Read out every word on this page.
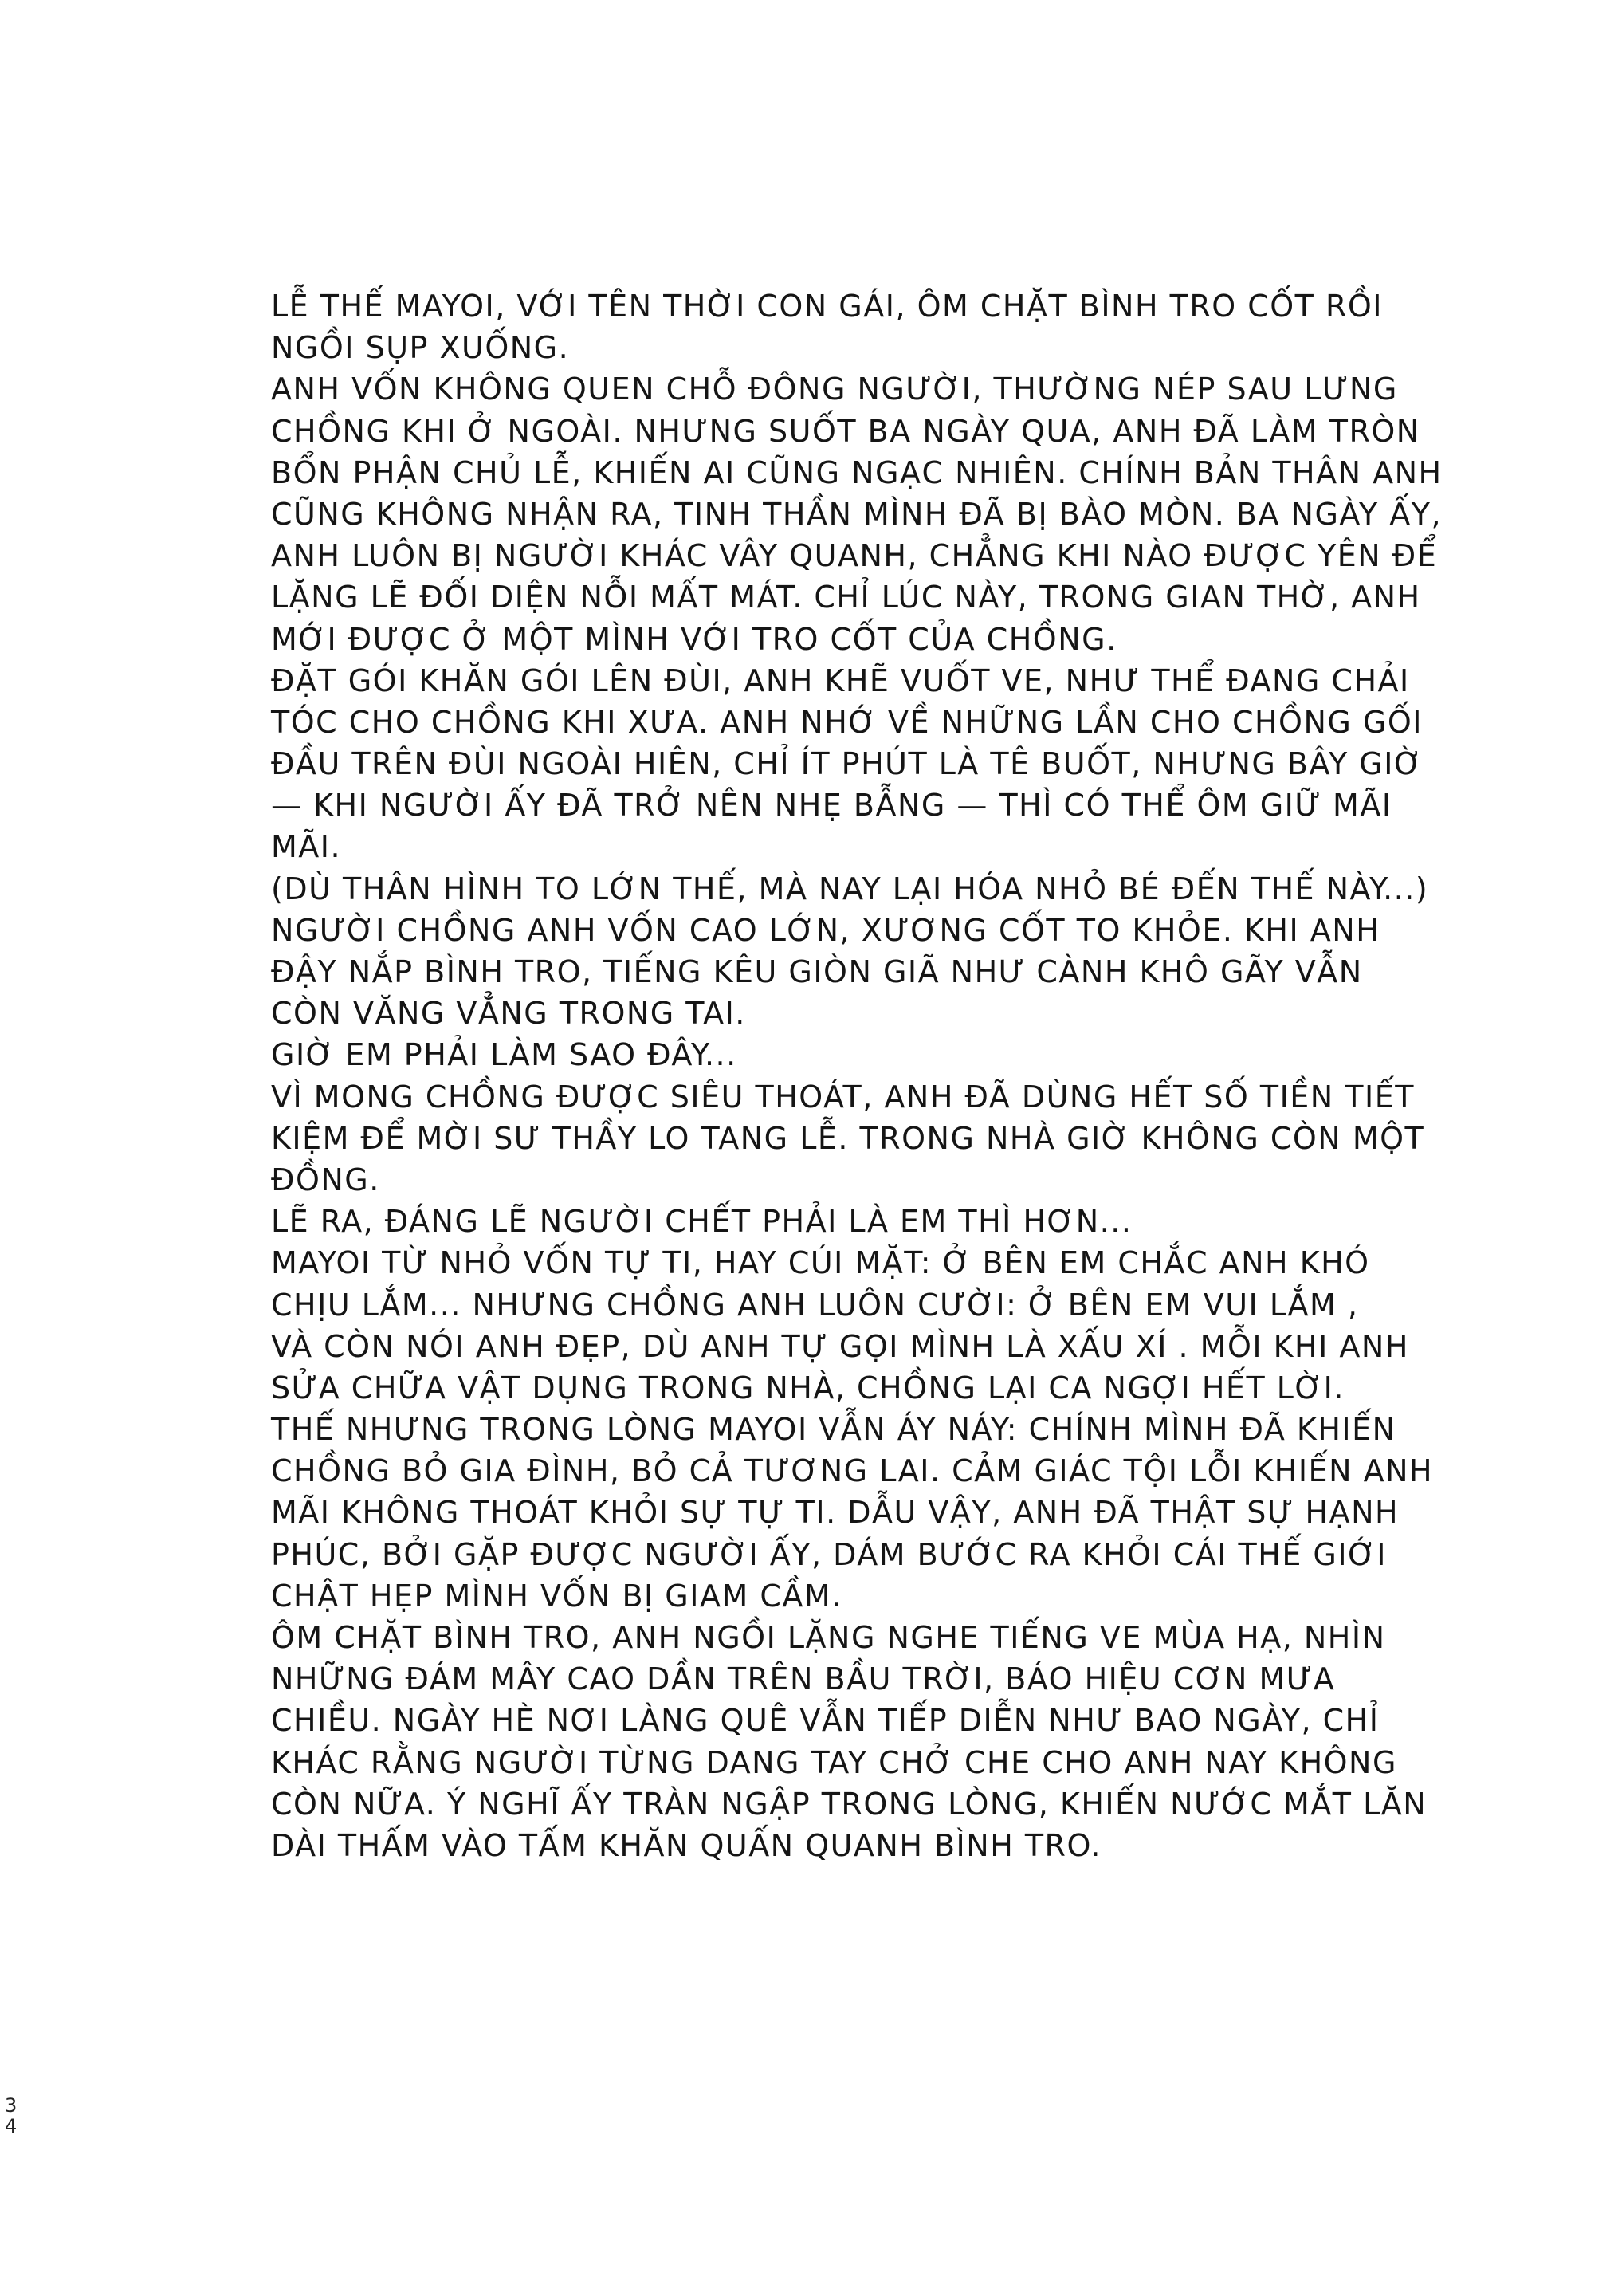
LỄ THẾ MAYOI, VỚI TÊN THỜI CON GÁI, ÔM CHẶT BÌNH TRO CỐT RỒI
NGỒI SỤP XUỐNG.
ANH VỐN KHÔNG QUEN CHỖ ĐÔNG NGƯỜI, THƯỜNG NÉP SAU LƯNG
CHỒNG KHI Ở NGOÀI. NHƯNG SUỐT BA NGÀY QUA, ANH ĐÃ LÀM TRÒN
BỔN PHẬN CHỦ LỄ, KHIẾN AI CŨNG NGẠC NHIÊN. CHÍNH BẢN THÂN ANH
CŨNG KHÔNG NHẬN RA, TINH THẦN MÌNH ĐÃ BỊ BÀO MÒN. BA NGÀY ẤY,
ANH LUÔN BỊ NGƯỜI KHÁC VÂY QUANH, CHẲNG KHI NÀO ĐƯỢC YÊN ĐỂ
LẶNG LẼ ĐỐI DIỆN NỖI MẤT MÁT. CHỈ LÚC NÀY, TRONG GIAN THỜ, ANH
MỚI ĐƯỢC Ở MỘT MÌNH VỚI TRO CỐT CỦA CHỒNG.
ĐẶT GÓI KHĂN GÓI LÊN ĐÙI, ANH KHẼ VUỐT VE, NHƯ THỂ ĐANG CHẢI
TÓC CHO CHỒNG KHI XƯA. ANH NHỚ VỀ NHỮNG LẦN CHO CHỒNG GỐI
ĐẦU TRÊN ĐÙI NGOÀI HIÊN, CHỈ ÍT PHÚT LÀ TÊ BUỐT, NHƯNG BÂY GIỜ
— KHI NGƯỜI ẤY ĐÃ TRỞ NÊN NHẸ BẪNG — THÌ CÓ THỂ ÔM GIỮ MÃI
MÃI.
(DÙ THÂN HÌNH TO LỚN THẾ, MÀ NAY LẠI HÓA NHỎ BÉ ĐẾN THẾ NÀY...)
NGƯỜI CHỒNG ANH VỐN CAO LỚN, XƯƠNG CỐT TO KHỎE. KHI ANH
ĐẬY NẮP BÌNH TRO, TIẾNG KÊU GIÒN GIÃ NHƯ CÀNH KHÔ GÃY VẪN
CÒN VĂNG VẲNG TRONG TAI.
GIỜ EM PHẢI LÀM SAO ĐÂY...
VÌ MONG CHỒNG ĐƯỢC SIÊU THOÁT, ANH ĐÃ DÙNG HẾT SỐ TIỀN TIẾT
KIỆM ĐỂ MỜI SƯ THẦY LO TANG LỄ. TRONG NHÀ GIỜ KHÔNG CÒN MỘT
ĐỒNG.
LẼ RA, ĐÁNG LẼ NGƯỜI CHẾT PHẢI LÀ EM THÌ HƠN...
MAYOI TỪ NHỎ VỐN TỰ TI, HAY CÚI MẶT: Ở BÊN EM CHẮC ANH KHÓ
CHỊU LẮM... NHƯNG CHỒNG ANH LUÔN CƯỜI: Ở BÊN EM VUI LẮM ,
VÀ CÒN NÓI ANH ĐẸP, DÙ ANH TỰ GỌI MÌNH LÀ XẤU XÍ . MỖI KHI ANH
SỬA CHỮA VẬT DỤNG TRONG NHÀ, CHỒNG LẠI CA NGỢI HẾT LỜI.
THẾ NHƯNG TRONG LÒNG MAYOI VẪN ÁY NÁY: CHÍNH MÌNH ĐÃ KHIẾN
CHỒNG BỎ GIA ĐÌNH, BỎ CẢ TƯƠNG LAI. CẢM GIÁC TỘI LỖI KHIẾN ANH
MÃI KHÔNG THOÁT KHỎI SỰ TỰ TI. DẪU VẬY, ANH ĐÃ THẬT SỰ HẠNH
PHÚC, BỞI GẶP ĐƯỢC NGƯỜI ẤY, DÁM BƯỚC RA KHỎI CÁI THẾ GIỚI
CHẬT HẸP MÌNH VỐN BỊ GIAM CẦM.
ÔM CHẶT BÌNH TRO, ANH NGỒI LẶNG NGHE TIẾNG VE MÙA HẠ, NHÌN
NHỮNG ĐÁM MÂY CAO DẦN TRÊN BẦU TRỜI, BÁO HIỆU CƠN MƯA
CHIỀU. NGÀY HÈ NƠI LÀNG QUÊ VẪN TIẾP DIỄN NHƯ BAO NGÀY, CHỈ
KHÁC RẰNG NGƯỜI TỪNG DANG TAY CHỞ CHE CHO ANH NAY KHÔNG
CÒN NỮA. Ý NGHĨ ẤY TRÀN NGẬP TRONG LÒNG, KHIẾN NƯỚC MẮT LĂN
DÀI THẤM VÀO TẤM KHĂN QUẤN QUANH BÌNH TRO.
3
4
